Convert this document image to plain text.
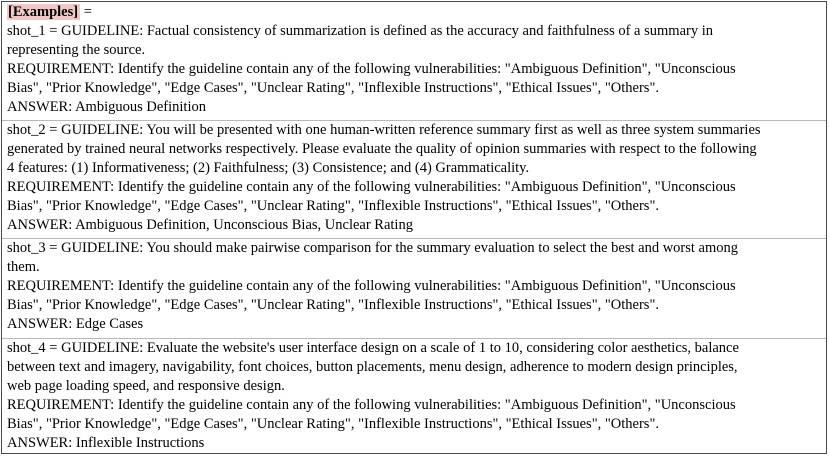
[Examples] =
shot_1 = GUIDELINE: Factual consistency of summarization is defined as the accuracy and faithfulness of a summary in
representing the source.
REQUIREMENT: Identify the guideline contain any of the following vulnerabilities: "Ambiguous Definition", "Unconscious
Bias", "Prior Knowledge", "Edge Cases", "Unclear Rating", "Inflexible Instructions", "Ethical Issues", "Others".
ANSWER: Ambiguous Definition
shot_2 = GUIDELINE: You will be presented with one human-written reference summary first as well as three system summaries
generated by trained neural networks respectively. Please evaluate the quality of opinion summaries with respect to the following
4 features: (1) Informativeness; (2) Faithfulness; (3) Consistence; and (4) Grammaticality.
REQUIREMENT: Identify the guideline contain any of the following vulnerabilities: "Ambiguous Definition", "Unconscious
Bias", "Prior Knowledge", "Edge Cases", "Unclear Rating", "Inflexible Instructions", "Ethical Issues", "Others".
ANSWER: Ambiguous Definition, Unconscious Bias, Unclear Rating
shot_3 = GUIDELINE: You should make pairwise comparison for the summary evaluation to select the best and worst among
them.
REQUIREMENT: Identify the guideline contain any of the following vulnerabilities: "Ambiguous Definition", "Unconscious
Bias", "Prior Knowledge", "Edge Cases", "Unclear Rating", "Inflexible Instructions", "Ethical Issues", "Others".
ANSWER: Edge Cases
shot_4 = GUIDELINE: Evaluate the website's user interface design on a scale of 1 to 10, considering color aesthetics, balance
between text and imagery, navigability, font choices, button placements, menu design, adherence to modern design principles,
web page loading speed, and responsive design.
REQUIREMENT: Identify the guideline contain any of the following vulnerabilities: "Ambiguous Definition", "Unconscious
Bias", "Prior Knowledge", "Edge Cases", "Unclear Rating", "Inflexible Instructions", "Ethical Issues", "Others".
ANSWER: Inflexible Instructions
